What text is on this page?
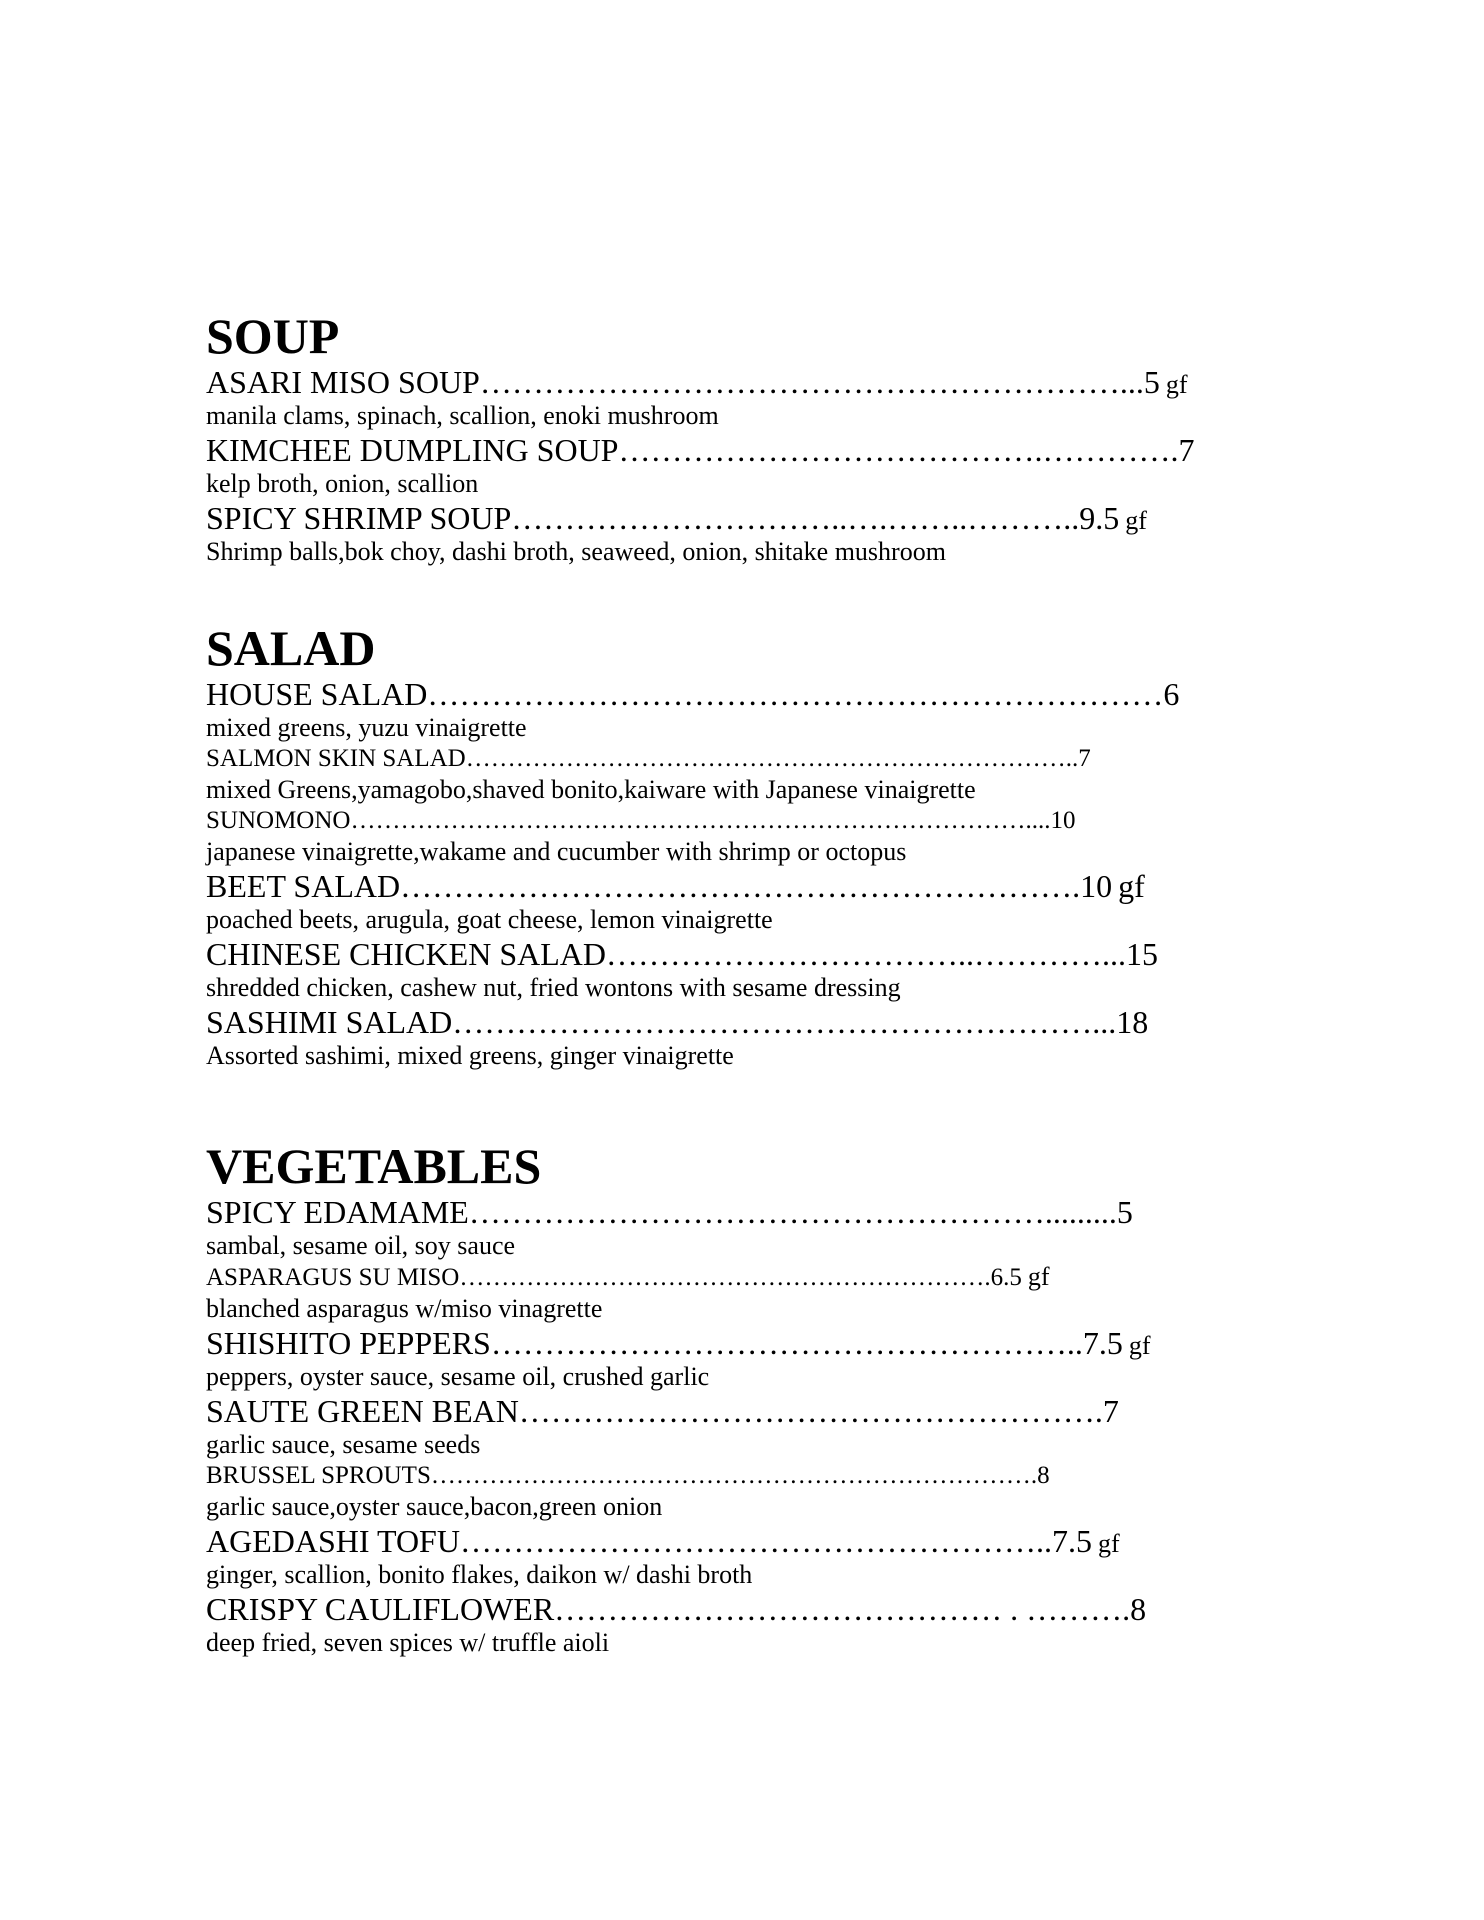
SOUP
ASARI MISO SOUP ……………………………………………………... 5 gf
manila clams, spinach, scallion, enoki mushroom
KIMCHEE DUMPLING SOUP ………………………………….…………. 7
kelp broth, onion, scallion
SPICY SHRIMP SOUP …………………………..….……..……….. 9.5 gf
Shrimp balls,bok choy, dashi broth, seaweed, onion, shitake mushroom
SALAD
HOUSE SALAD …………………………………………………………… 6
mixed greens, yuzu vinaigrette
SALMON SKIN SALAD ……………………………………………………………….. 7
mixed Greens,yamagobo,shaved bonito,kaiware with Japanese vinaigrette
SUNOMONO ……………………………………………………………………….... 10
japanese vinaigrette,wakame and cucumber with shrimp or octopus
BEET SALAD ………………………………………………………. 10 gf
poached beets, arugula, goat cheese, lemon vinaigrette
CHINESE CHICKEN SALAD ……………………………..…………... 15
shredded chicken, cashew nut, fried wontons with sesame dressing
SASHIMI SALAD ……………………………………………………... 18
Assorted sashimi, mixed greens, ginger vinaigrette
VEGETABLES
SPICY EDAMAME ………………………………………………......... 5
sambal, sesame oil, soy sauce
ASPARAGUS SU MISO ………………………………………………………. 6.5 gf
blanched asparagus w/miso vinagrette
SHISHITO PEPPERS ……………………………………………….. 7.5 gf
peppers, oyster sauce, sesame oil, crushed garlic
SAUTE GREEN BEAN ………………………………………………. 7
garlic sauce, sesame seeds
BRUSSEL SPROUTS ………………………………………………………………. 8
garlic sauce,oyster sauce,bacon,green onion
AGEDASHI TOFU ……………………………………………….. 7.5 gf
ginger, scallion, bonito flakes, daikon w/ dashi broth
CRISPY CAULIFLOWER …………………………………… . ………. 8
deep fried, seven spices w/ truffle aioli
